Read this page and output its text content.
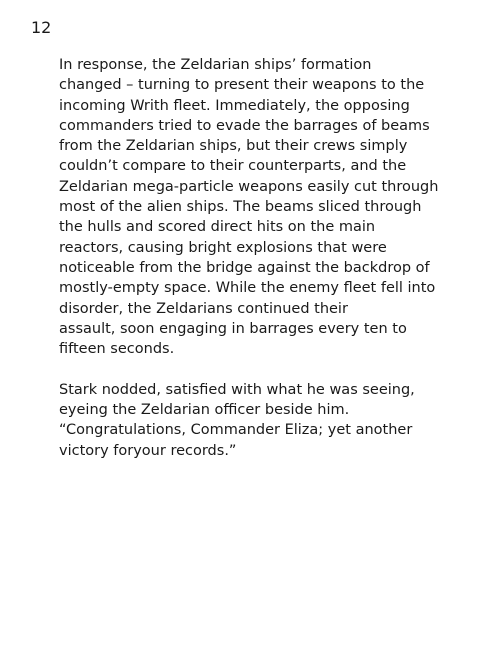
12
In response, the Zeldarian ships’ formation
changed – turning to present their weapons to the
incoming Writh fleet. Immediately, the opposing
commanders tried to evade the barrages of beams
from the Zeldarian ships, but their crews simply
couldn’t compare to their counterparts, and the
Zeldarian mega-particle weapons easily cut through
most of the alien ships. The beams sliced through
the hulls and scored direct hits on the main
reactors, causing bright explosions that were
noticeable from the bridge against the backdrop of
mostly-empty space. While the enemy fleet fell into
disorder, the Zeldarians continued their
assault, soon engaging in barrages every ten to
fifteen seconds.
Stark nodded, satisfied with what he was seeing,
eyeing the Zeldarian officer beside him.
“Congratulations, Commander Eliza; yet another
victory foryour records.”
